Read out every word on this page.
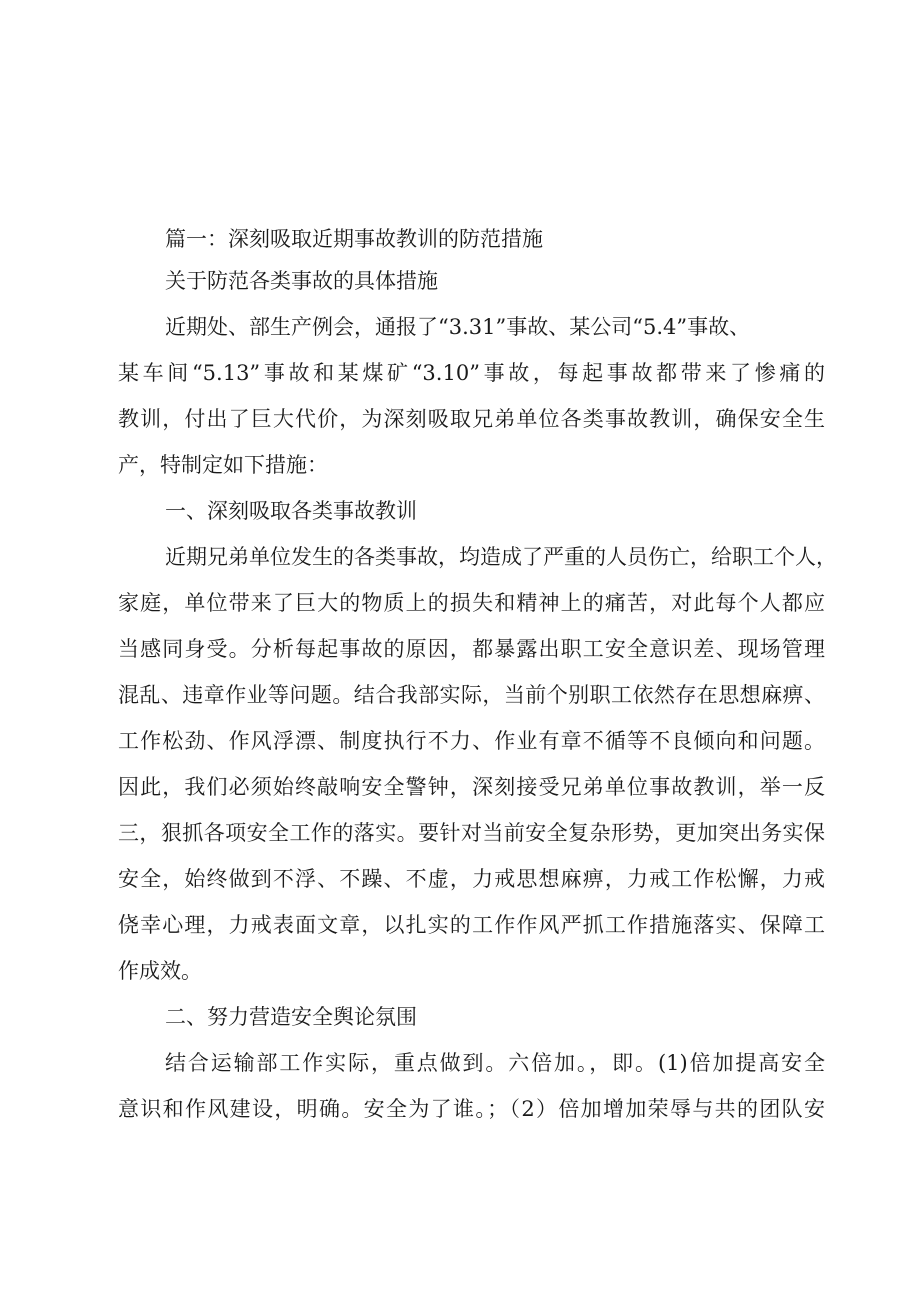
篇一：深刻吸取近期事故教训的防范措施
关于防范各类事故的具体措施
近期处、部生产例会，通报了“3.31”事故、某公司“5.4”事故、
某车间“5.13”事故和某煤矿“3.10”事故，每起事故都带来了惨痛的
教训，付出了巨大代价，为深刻吸取兄弟单位各类事故教训，确保安全生
产，特制定如下措施：
一、深刻吸取各类事故教训
近期兄弟单位发生的各类事故，均造成了严重的人员伤亡，给职工个人，
家庭，单位带来了巨大的物质上的损失和精神上的痛苦，对此每个人都应
当感同身受。分析每起事故的原因，都暴露出职工安全意识差、现场管理
混乱、违章作业等问题。结合我部实际，当前个别职工依然存在思想麻痹、
工作松劲、作风浮漂、制度执行不力、作业有章不循等不良倾向和问题。
因此，我们必须始终敲响安全警钟，深刻接受兄弟单位事故教训，举一反
三，狠抓各项安全工作的落实。要针对当前安全复杂形势，更加突出务实保
安全，始终做到不浮、不躁、不虚，力戒思想麻痹，力戒工作松懈，力戒
侥幸心理，力戒表面文章，以扎实的工作作风严抓工作措施落实、保障工
作成效。
二、努力营造安全舆论氛围
结合运输部工作实际，重点做到。六倍加。，即。(1)倍加提高安全
意识和作风建设，明确。安全为了谁。；（2）倍加增加荣辱与共的团队安
